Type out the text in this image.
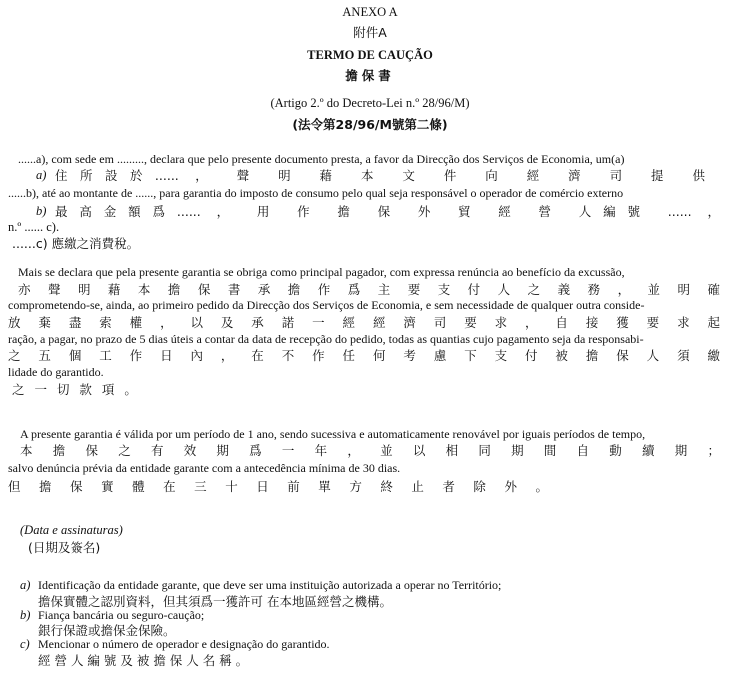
ANEXO A
附件A
TERMO DE CAUÇÃO
擔保書
(Artigo 2.º do Decreto-Lei n.º 28/96/M)
(法令第28/96/M號第二條)
......a), com sede em ........., declara que pelo presente documento presta, a favor da Direcção dos Serviços de Economia, um(a)
a) 住所設於...... ， 聲 明 藉 本 文 件 向 經 濟 司 提 供
......b), até ao montante de ......, para garantia do imposto de consumo pelo qual seja responsável o operador de comércio externo
b) 最高金額爲...... ， 用 作 擔 保 外 貿 經 營 人編號 ...... ，
n.º ...... c).
......c) 應繳之消費稅。
Mais se declara que pela presente garantia se obriga como principal pagador, com expressa renúncia ao benefício da excussão,
亦 聲 明 藉 本 擔 保 書 承 擔 作 爲 主 要 支 付 人 之 義 務 ， 並 明 確
comprometendo-se, ainda, ao primeiro pedido da Direcção dos Serviços de Economia, e sem necessidade de qualquer outra conside-
放 棄 盡 索 權 ， 以 及 承 諾 一 經 經 濟 司 要 求 ， 自 接 獲 要 求 起
ração, a pagar, no prazo de 5 dias úteis a contar da data de recepção do pedido, todas as quantias cujo pagamento seja da responsabi-
之 五 個 工 作 日 內 ， 在 不 作 任 何 考 慮 下 支 付 被 擔 保 人 須 繳
lidade do garantido.
之 一 切 款 項 。
A presente garantia é válida por um período de 1 ano, sendo sucessiva e automaticamente renovável por iguais períodos de tempo,
本 擔 保 之 有 效 期 爲 一 年 ， 並 以 相 同 期 間 自 動 續 期 ；
salvo denúncia prévia da entidade garante com a antecedência mínima de 30 dias.
但 擔 保 實 體 在 三 十 日 前 單 方 終 止 者 除 外 。
(Data e assinaturas)
(日期及簽名)
a) Identificação da entidade garante, que deve ser uma instituição autorizada a operar no Território;
擔保實體之認別資料，但其須爲一獲許可 在本地區經營之機構。
b) Fiança bancária ou seguro-caução;
銀行保證或擔保金保險。
c) Mencionar o número de operador e designação do garantido.
經 營 人 編 號 及 被 擔 保 人 名 稱 。
